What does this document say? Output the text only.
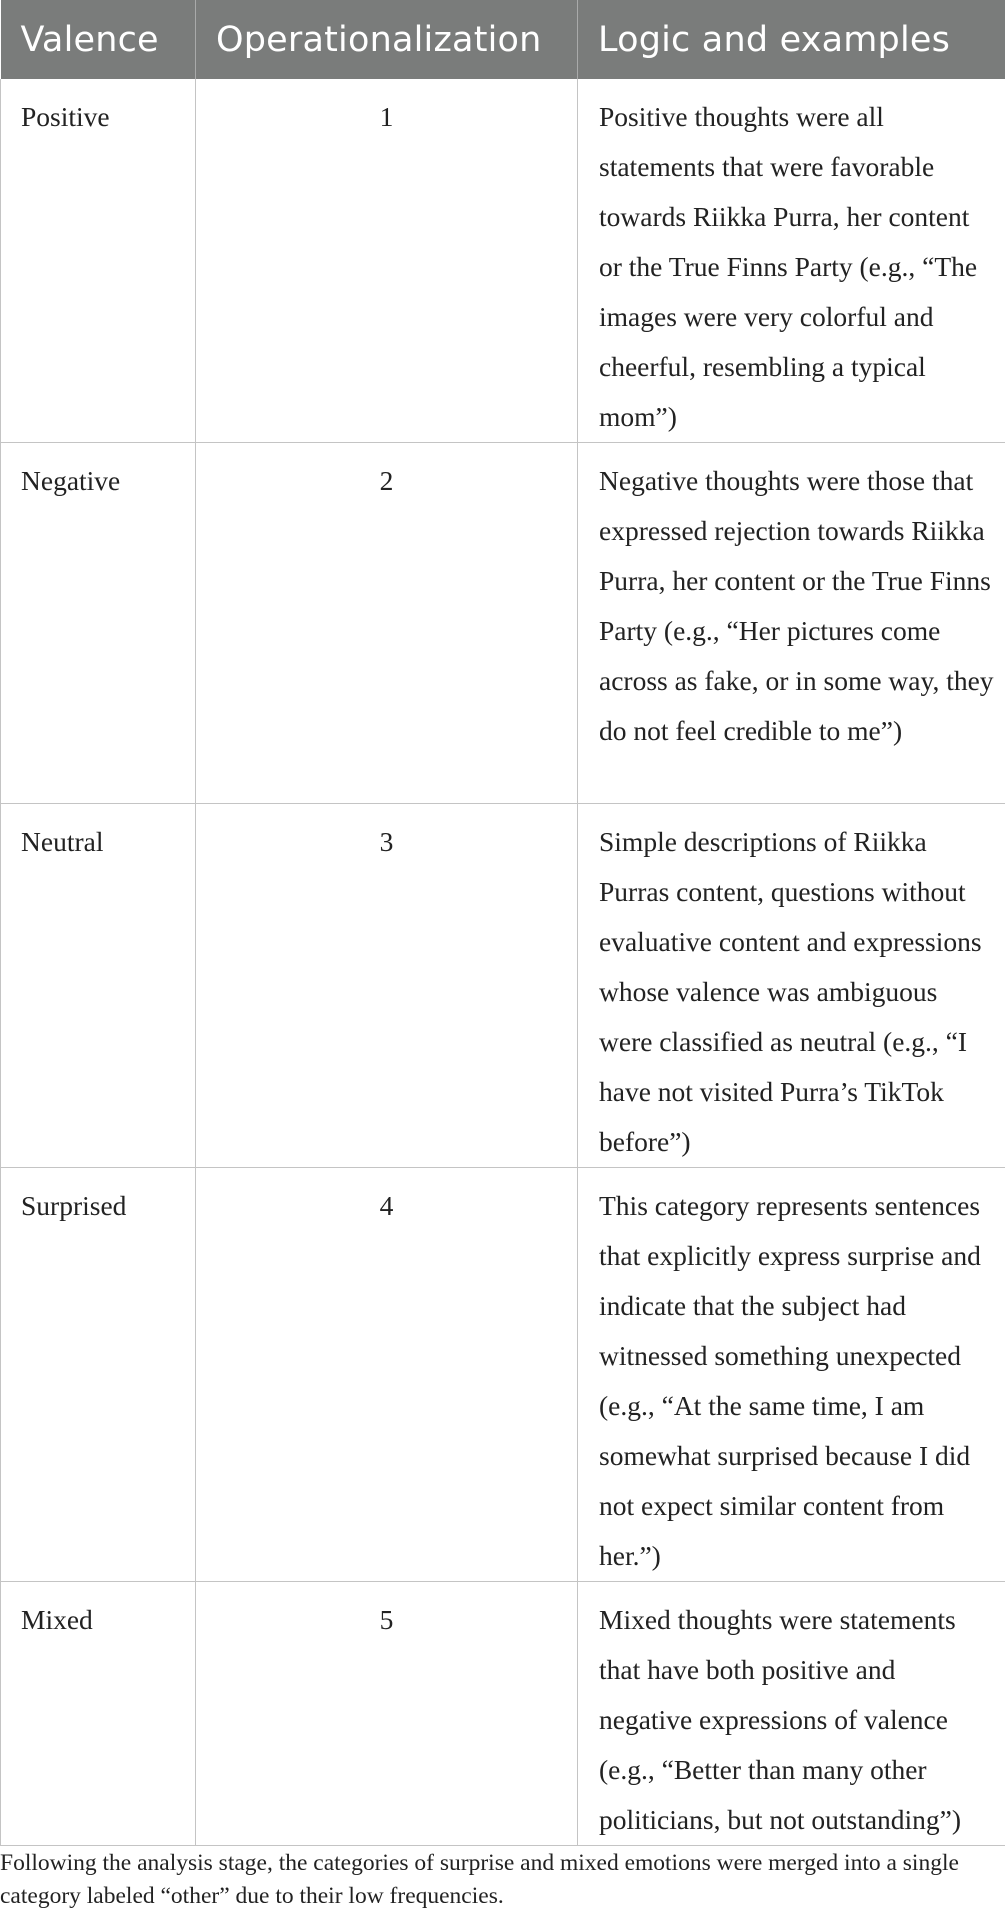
Valence	Operationalization	Logic and examples
Positive	1	Positive thoughts were all statements that were favorable towards Riikka Purra, her content or the True Finns Party (e.g., “The images were very colorful and cheerful, resembling a typical mom”)
Negative	2	Negative thoughts were those that expressed rejection towards Riikka Purra, her content or the True Finns Party (e.g., “Her pictures come across as fake, or in some way, they do not feel credible to me”)
Neutral	3	Simple descriptions of Riikka Purras content, questions without evaluative content and expressions whose valence was ambiguous were classified as neutral (e.g., “I have not visited Purra’s TikTok before”)
Surprised	4	This category represents sentences that explicitly express surprise and indicate that the subject had witnessed something unexpected (e.g., “At the same time, I am somewhat surprised because I did not expect similar content from her.”)
Mixed	5	Mixed thoughts were statements that have both positive and negative expressions of valence (e.g., “Better than many other politicians, but not outstanding”)

Following the analysis stage, the categories of surprise and mixed emotions were merged into a single category labeled “other” due to their low frequencies.
